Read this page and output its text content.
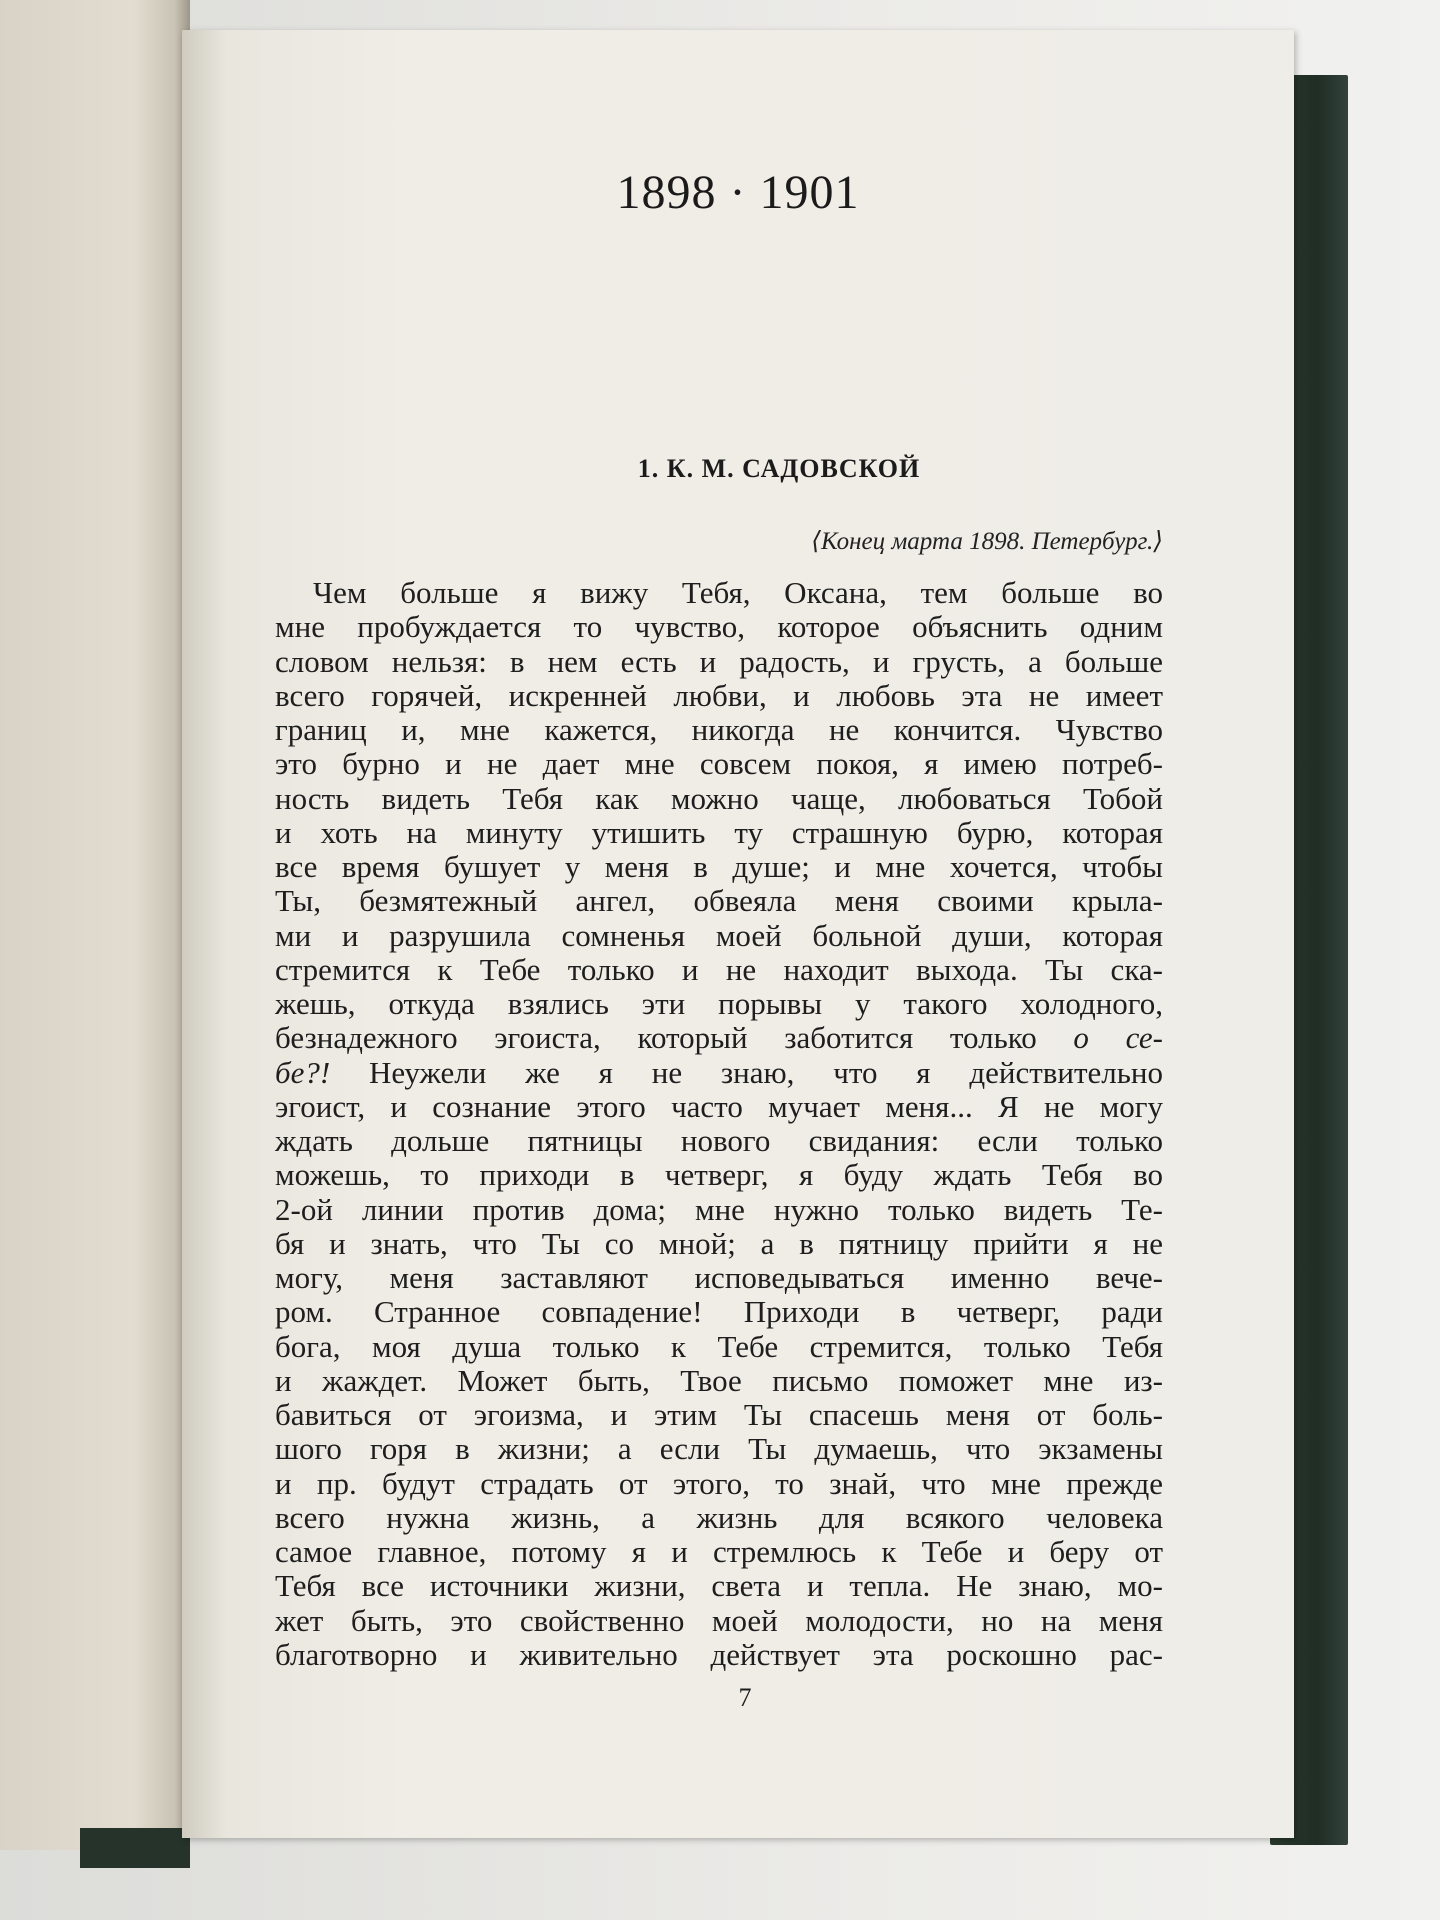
1898 · 1901
1. К. М. САДОВСКОЙ
⟨Конец марта 1898. Петербург.⟩
Чем больше я вижу Тебя, Оксана, тем больше во
мне пробуждается то чувство, которое объяснить одним
словом нельзя: в нем есть и радость, и грусть, а больше
всего горячей, искренней любви, и любовь эта не имеет
границ и, мне кажется, никогда не кончится. Чувство
это бурно и не дает мне совсем покоя, я имею потреб-
ность видеть Тебя как можно чаще, любоваться Тобой
и хоть на минуту утишить ту страшную бурю, которая
все время бушует у меня в душе; и мне хочется, чтобы
Ты, безмятежный ангел, обвеяла меня своими крыла-
ми и разрушила сомненья моей больной души, которая
стремится к Тебе только и не находит выхода. Ты ска-
жешь, откуда взялись эти порывы у такого холодного,
безнадежного эгоиста, который заботится только о се-
бе?! Неужели же я не знаю, что я действительно
эгоист, и сознание этого часто мучает меня... Я не могу
ждать дольше пятницы нового свидания: если только
можешь, то приходи в четверг, я буду ждать Тебя во
2-ой линии против дома; мне нужно только видеть Те-
бя и знать, что Ты со мной; а в пятницу прийти я не
могу, меня заставляют исповедываться именно вече-
ром. Странное совпадение! Приходи в четверг, ради
бога, моя душа только к Тебе стремится, только Тебя
и жаждет. Может быть, Твое письмо поможет мне из-
бавиться от эгоизма, и этим Ты спасешь меня от боль-
шого горя в жизни; а если Ты думаешь, что экзамены
и пр. будут страдать от этого, то знай, что мне прежде
всего нужна жизнь, а жизнь для всякого человека
самое главное, потому я и стремлюсь к Тебе и беру от
Тебя все источники жизни, света и тепла. Не знаю, мо-
жет быть, это свойственно моей молодости, но на меня
благотворно и живительно действует эта роскошно рас-
7
